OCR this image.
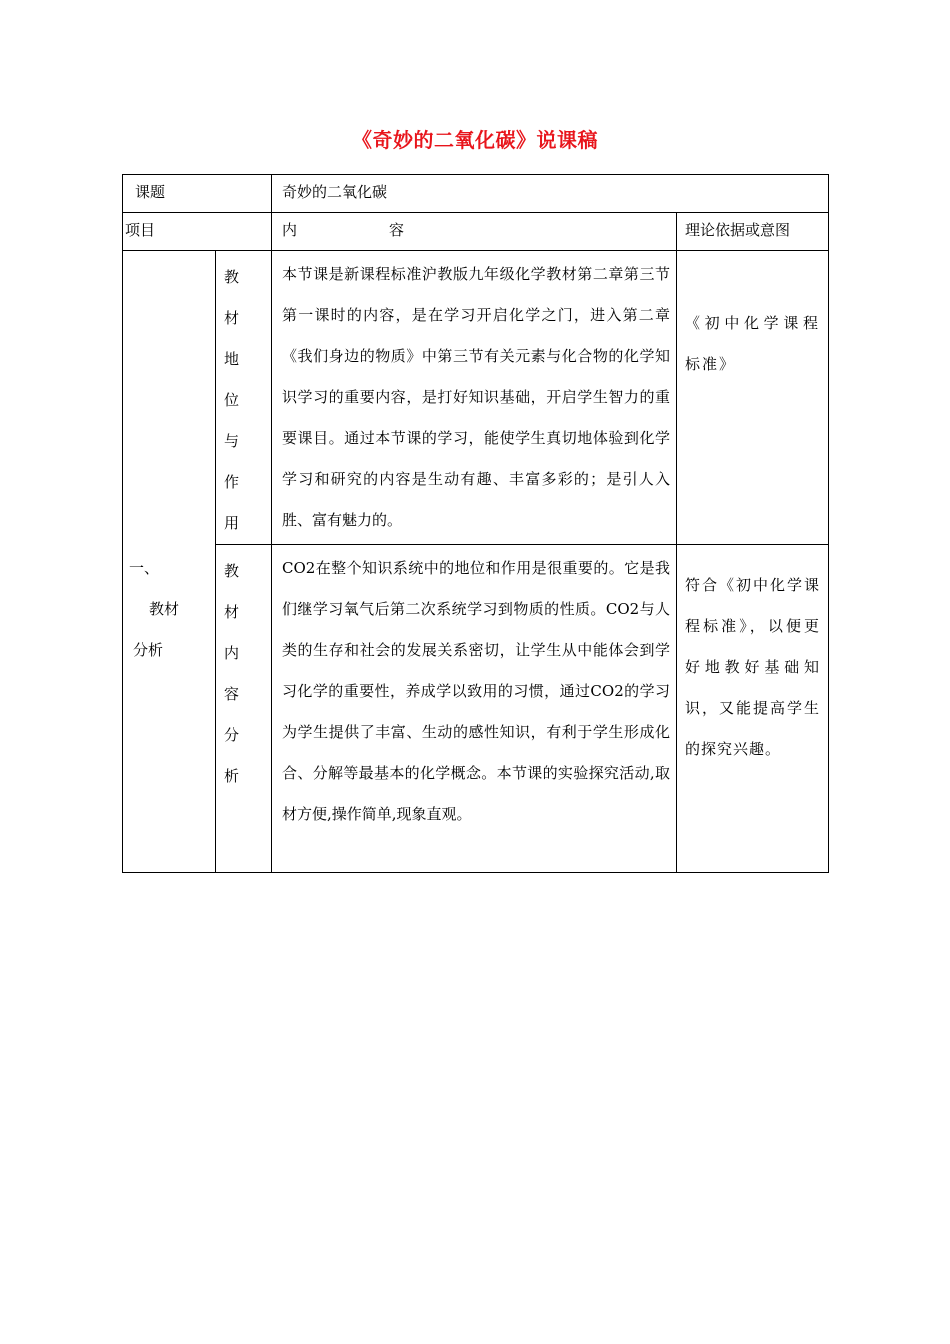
《奇妙的二氧化碳》说课稿
课题		奇妙的二氧化碳	
项目		内 容	理论依据或意图

一、
教材
分析	教材地位与作用	本节课是新课程标准沪教版九年级化学教材第二章第三节第一课时的内容，是在学习开启化学之门，进入第二章《我们身边的物质》中第三节有关元素与化合物的化学知识学习的重要内容，是打好知识基础，开启学生智力的重要课目。通过本节课的学习，能使学生真切地体验到化学学习和研究的内容是生动有趣、丰富多彩的；是引人入胜、富有魅力的。	《初中化学课程标准》
	教材内容分析	CO2在整个知识系统中的地位和作用是很重要的。它是我们继学习氧气后第二次系统学习到物质的性质。CO2与人类的生存和社会的发展关系密切，让学生从中能体会到学习化学的重要性，养成学以致用的习惯，通过CO2的学习为学生提供了丰富、生动的感性知识，有利于学生形成化合、分解等最基本的化学概念。本节课的实验探究活动,取材方便,操作简单,现象直观。	符合《初中化学课程标准》，以便更好地教好基础知识，又能提高学生的探究兴趣。
